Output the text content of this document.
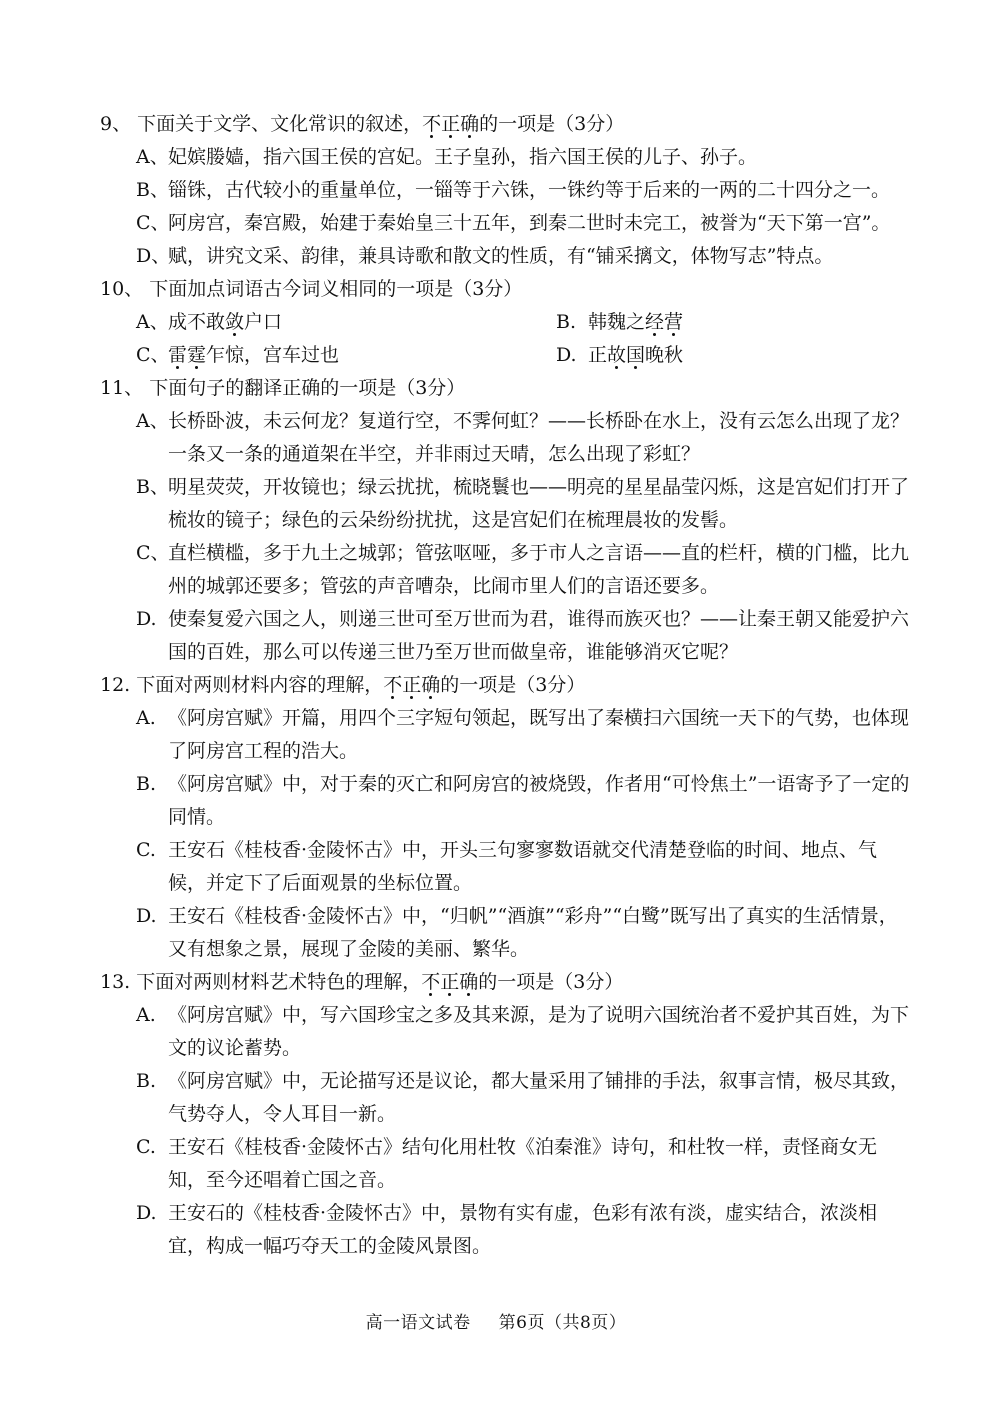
9、 下面关于文学、文化常识的叙述，不正确的一项是（3分）
A、妃嫔媵嫱，指六国王侯的宫妃。王子皇孙，指六国王侯的儿子、孙子。
B、锱铢，古代较小的重量单位，一锱等于六铢，一铢约等于后来的一两的二十四分之一。
C、阿房宫，秦宫殿，始建于秦始皇三十五年，到秦二世时未完工，被誉为“天下第一宫”。
D、赋，讲究文采、韵律，兼具诗歌和散文的性质，有“铺采摛文，体物写志”特点。
10、 下面加点词语古今词义相同的一项是（3分）
A、成不敢敛户口	B. 韩魏之经营
C、雷霆乍惊，宫车过也	D. 正故国晚秋
11、 下面句子的翻译正确的一项是（3分）
A、 长桥卧波，未云何龙？复道行空，不霁何虹？——长桥卧在水上，没有云怎么出现了龙？一条又一条的通道架在半空，并非雨过天晴，怎么出现了彩虹？
B、 明星荧荧，开妆镜也；绿云扰扰，梳晓鬟也——明亮的星星晶莹闪烁，这是宫妃们打开了梳妆的镜子；绿色的云朵纷纷扰扰，这是宫妃们在梳理晨妆的发髻。
C、
直栏横槛，多于九土之城郭；管弦呕哑，多于市人之言语——直的栏杆，横的门槛，比九州的城郭还要多；管弦的声音嘈杂，比闹市里人们的言语还要多。
D. 使秦复爱六国之人，则递三世可至万世而为君，谁得而族灭也？——让秦王朝又能爱护六国的百姓，那么可以传递三世乃至万世而做皇帝，谁能够消灭它呢？
12. 下面对两则材料内容的理解，不正确的一项是（3分）
A. 《阿房宫赋》开篇，用四个三字短句领起，既写出了秦横扫六国统一天下的气势，也体现了阿房宫工程的浩大。
B. 《阿房宫赋》中，对于秦的灭亡和阿房宫的被烧毁，作者用“可怜焦土”一语寄予了一定的同情。
C. 王安石《桂枝香·金陵怀古》中，开头三句寥寥数语就交代清楚登临的时间、地点、气候，并定下了后面观景的坐标位置。
D. 王安石《桂枝香·金陵怀古》中，“归帆”“酒旗”“彩舟”“白鹭”既写出了真实的生活情景，又有想象之景，展现了金陵的美丽、繁华。
13. 下面对两则材料艺术特色的理解，不正确的一项是（3分）
A. 《阿房宫赋》中，写六国珍宝之多及其来源，是为了说明六国统治者不爱护其百姓，为下文的议论蓄势。
B. 《阿房宫赋》中，无论描写还是议论，都大量采用了铺排的手法，叙事言情，极尽其致，气势夺人，令人耳目一新。
C. 王安石《桂枝香·金陵怀古》结句化用杜牧《泊秦淮》诗句，和杜牧一样，责怪商女无知，至今还唱着亡国之音。
D. 王安石的《桂枝香·金陵怀古》中，景物有实有虚，色彩有浓有淡，虚实结合，浓淡相宜，构成一幅巧夺天工的金陵风景图。
高一语文试卷 第6页（共8页）
